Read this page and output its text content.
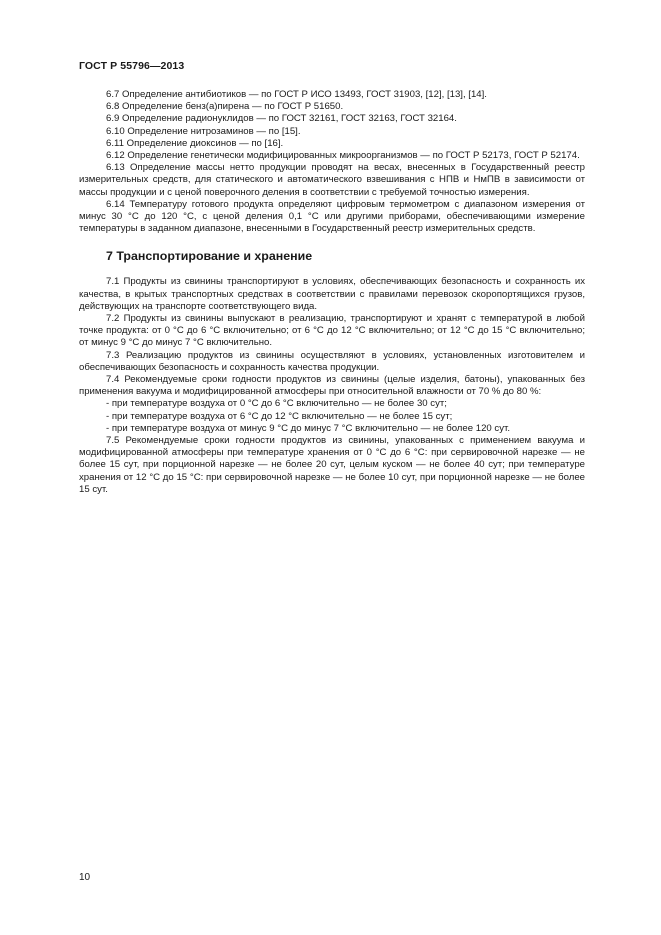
ГОСТ Р 55796—2013

6.7 Определение антибиотиков — по ГОСТ Р ИСО 13493, ГОСТ 31903, [12], [13], [14].

6.8 Определение бенз(а)пирена — по ГОСТ Р 51650.

6.9 Определение радионуклидов — по ГОСТ 32161, ГОСТ 32163, ГОСТ 32164.

6.10 Определение нитрозаминов — по [15].

6.11 Определение диоксинов — по [16].

6.12 Определение генетически модифицированных микроорганизмов — по ГОСТ Р 52173, ГОСТ Р 52174.

6.13 Определение массы нетто продукции проводят на весах, внесенных в Государственный реестр измерительных средств, для статического и автоматического взвешивания с НПВ и НмПВ в зависимости от массы продукции и с ценой поверочного деления в соответствии с требуемой точностью измерения.

6.14 Температуру готового продукта определяют цифровым термометром с диапазоном измерения от минус 30 °С до 120 °С, с ценой деления 0,1 °С или другими приборами, обеспечивающими измерение температуры в заданном диапазоне, внесенными в Государственный реестр измерительных средств.

7 Транспортирование и хранение

7.1 Продукты из свинины транспортируют в условиях, обеспечивающих безопасность и сохранность их качества, в крытых транспортных средствах в соответствии с правилами перевозок скоропортящихся грузов, действующих на транспорте соответствующего вида.

7.2 Продукты из свинины выпускают в реализацию, транспортируют и хранят с температурой в любой точке продукта: от 0 °С до 6 °С включительно; от 6 °С до 12 °С включительно; от 12 °С до 15 °С включительно; от минус 9 °С до минус 7 °С включительно.

7.3 Реализацию продуктов из свинины осуществляют в условиях, установленных изготовителем и обеспечивающих безопасность и сохранность качества продукции.

7.4 Рекомендуемые сроки годности продуктов из свинины (целые изделия, батоны), упакованных без применения вакуума и модифицированной атмосферы при относительной влажности от 70 % до 80 %:

- при температуре воздуха от 0 °С до 6 °С включительно — не более 30 сут;

- при температуре воздуха от 6 °С до 12 °С включительно — не более 15 сут;

- при температуре воздуха от минус 9 °С до минус 7 °С включительно — не более 120 сут.

7.5 Рекомендуемые сроки годности продуктов из свинины, упакованных с применением вакуума и модифицированной атмосферы при температуре хранения от 0 °С до 6 °С: при сервировочной нарезке — не более 15 сут, при порционной нарезке — не более 20 сут, целым куском — не более 40 сут; при температуре хранения от 12 °С до 15 °С: при сервировочной нарезке — не более 10 сут, при порционной нарезке — не более 15 сут.

10
